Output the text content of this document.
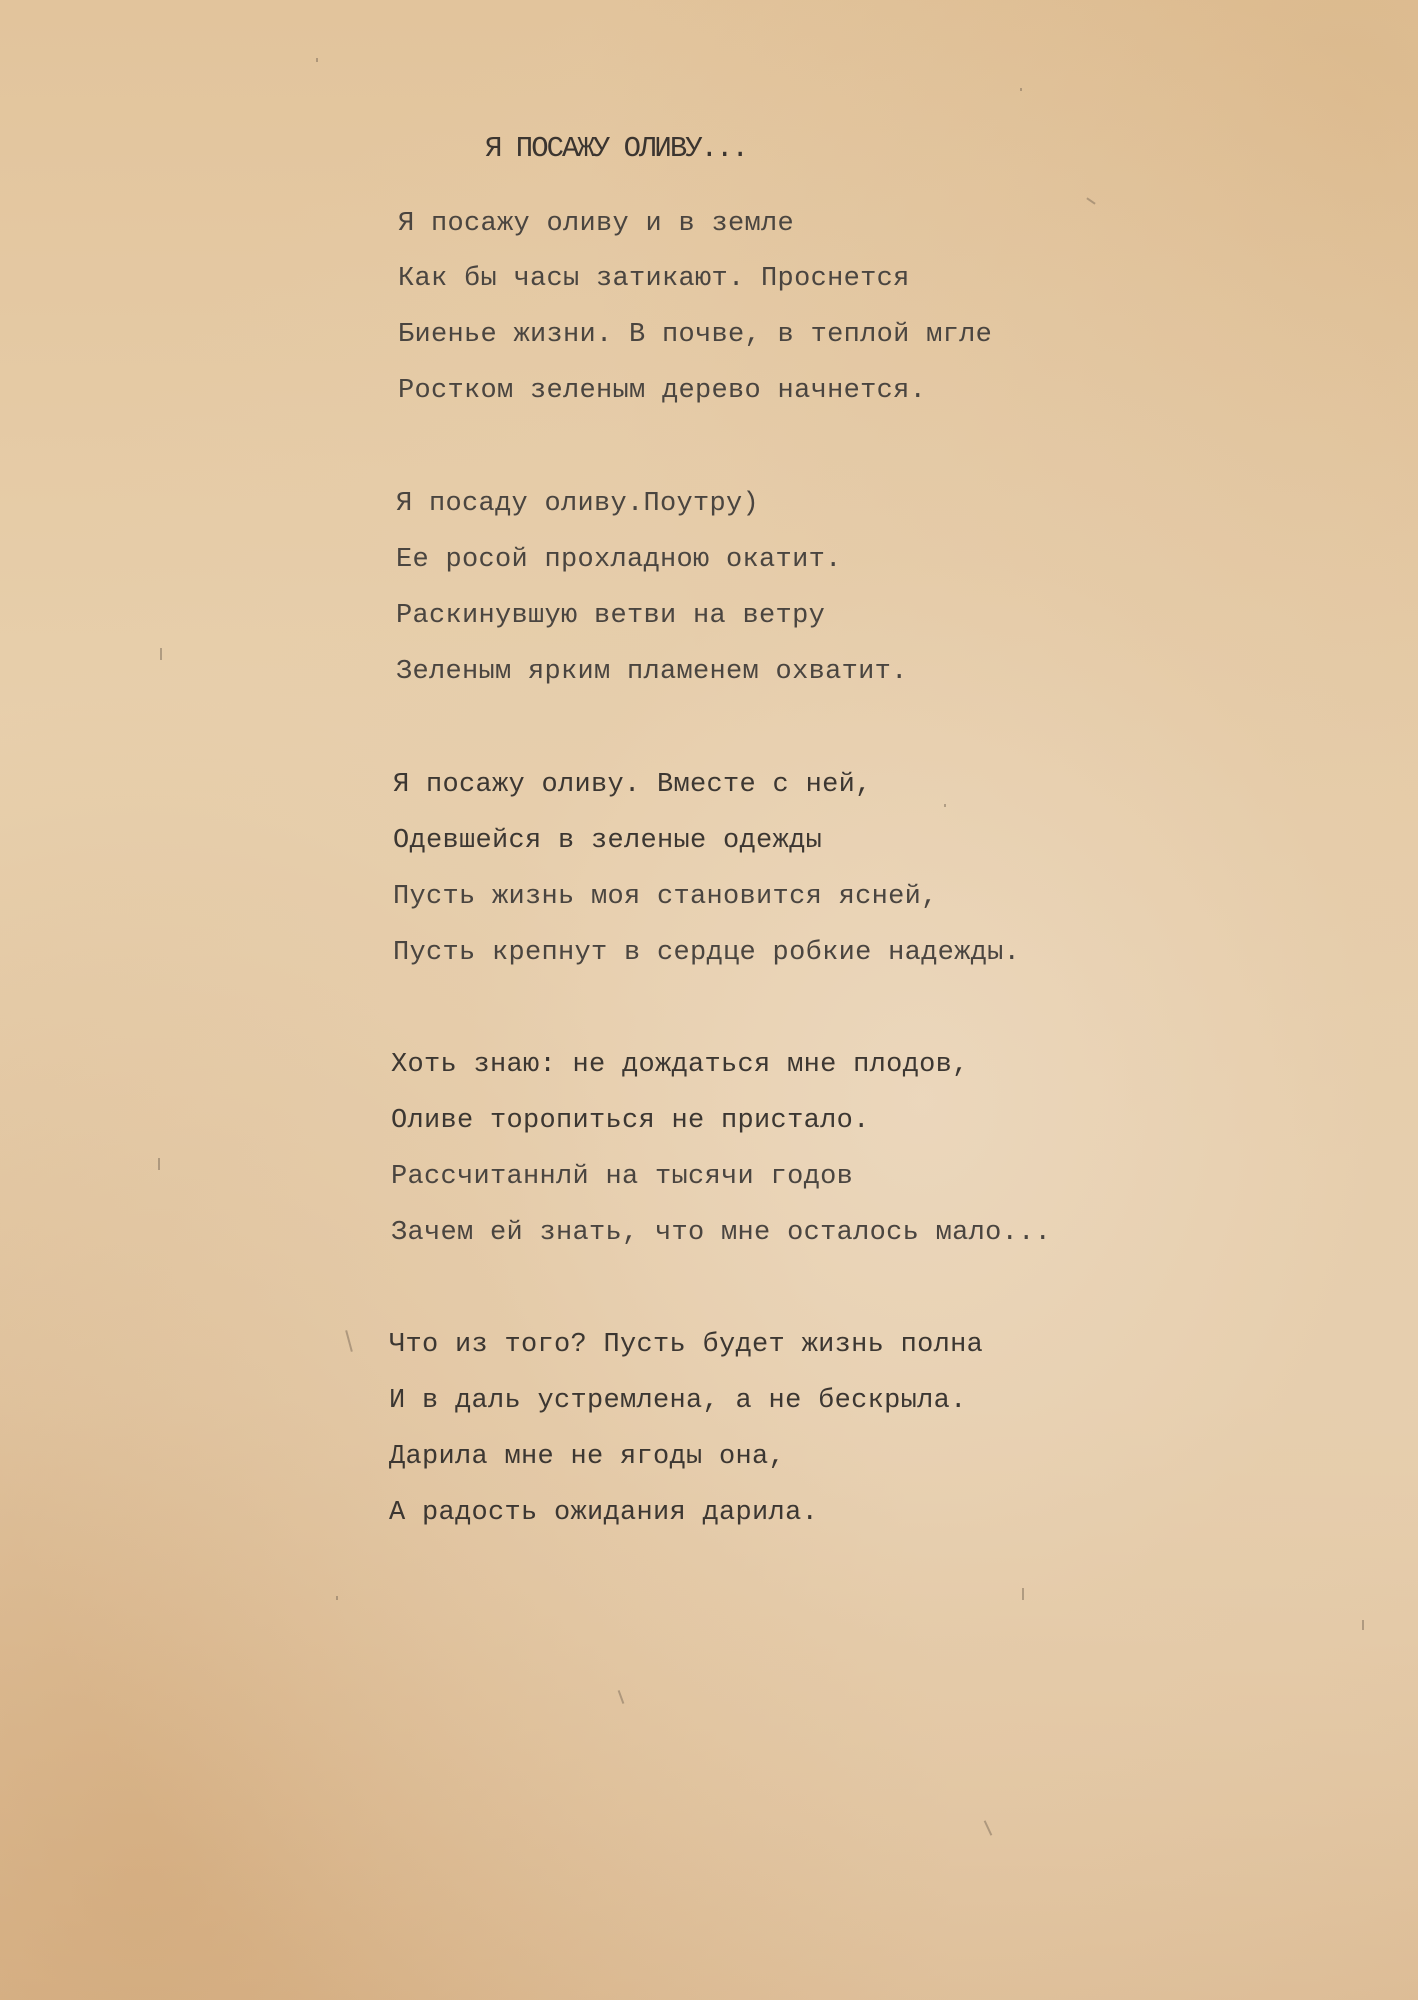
Я ПОСАЖУ ОЛИВУ...
Я посажу оливу и в земле
Как бы часы затикают. Проснется
Биенье жизни. В почве, в теплой мгле
Ростком зеленым дерево начнется.
Я посаду оливу.Поутру)
Ее росой прохладною окатит.
Раскинувшую ветви на ветру
Зеленым ярким пламенем охватит.
Я посажу оливу. Вместе с ней,
Одевшейся в зеленые одежды
Пусть жизнь моя становится ясней,
Пусть крепнут в сердце робкие надежды.
Хоть знаю: не дождаться мне плодов,
Оливе торопиться не пристало.
Рассчитаннлй на тысячи годов
Зачем ей знать, что мне осталось мало...
Что из того? Пусть будет жизнь полна
И в даль устремлена, а не бескрыла.
Дарила мне не ягоды она,
А радость ожидания дарила.
